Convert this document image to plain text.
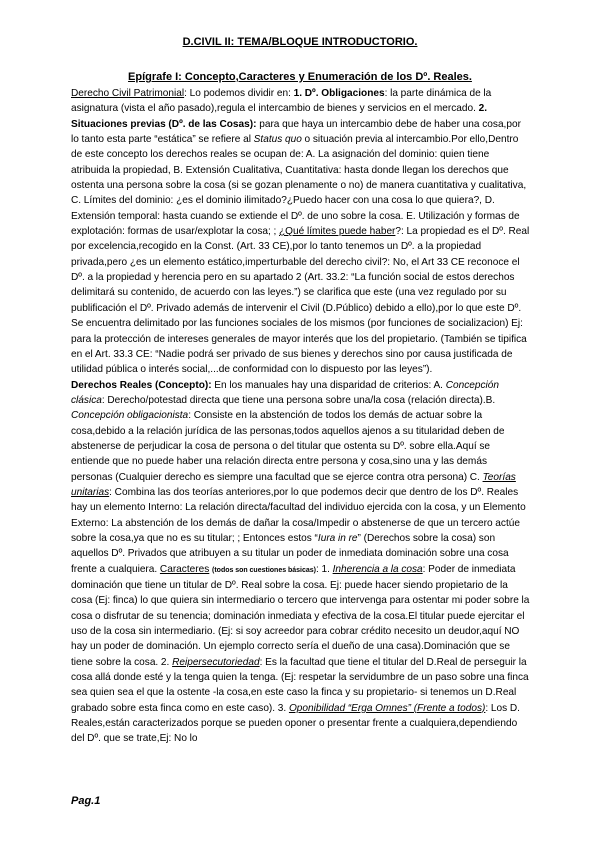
D.CIVIL II: TEMA/BLOQUE INTRODUCTORIO.

Epígrafe I: Concepto,Caracteres y Enumeración de los Dº. Reales.

Derecho Civil Patrimonial: Lo podemos dividir en: 1. Dº. Obligaciones: la parte dinámica de la asignatura (vista el año pasado),regula el intercambio de bienes y servicios en el mercado. 2. Situaciones previas (Dº. de las Cosas): para que haya un intercambio debe de haber una cosa,por lo tanto esta parte “estática” se refiere al Status quo o situación previa al intercambio.Por ello,Dentro de este concepto los derechos reales se ocupan de: A. La asignación del dominio: quien tiene atribuida la propiedad, B. Extensión Cualitativa, Cuantitativa: hasta donde llegan los derechos que ostenta una persona sobre la cosa (si se gozan plenamente o no) de manera cuantitativa y cualitativa, C. Límites del dominio: ¿es el dominio ilimitado?¿Puedo hacer con una cosa lo que quiera?, D. Extensión temporal: hasta cuando se extiende el Dº. de uno sobre la cosa. E. Utilización y formas de explotación: formas de usar/explotar la cosa; ; ¿Qué límites puede haber?: La propiedad es el Dº. Real por excelencia,recogido en la Const. (Art. 33 CE),por lo tanto tenemos un Dº. a la propiedad privada,pero ¿es un elemento estático,imperturbable del derecho civil?: No, el Art 33 CE reconoce el Dº. a la propiedad y herencia pero en su apartado 2 (Art. 33.2: “La función social de estos derechos delimitará su contenido, de acuerdo con las leyes.”) se clarifica que este (una vez regulado por su publificación el Dº. Privado además de intervenir el Civil (D.Público) debido a ello),por lo que este Dº. Se encuentra delimitado por las funciones sociales de los mismos (por funciones de socializacion) Ej: para la protección de intereses generales de mayor interés que los del propietario. (También se tipifica en el Art. 33.3 CE: “Nadie podrá ser privado de sus bienes y derechos sino por causa justificada de utilidad pública o interés social,...de conformidad con lo dispuesto por las leyes”).
Derechos Reales (Concepto): En los manuales hay una disparidad de criterios: A. Concepción clásica: Derecho/potestad directa que tiene una persona sobre una/la cosa (relación directa).B. Concepción obligacionista: Consiste en la abstención de todos los demás de actuar sobre la cosa,debido a la relación jurídica de las personas,todos aquellos ajenos a su titularidad deben de abstenerse de perjudicar la cosa de persona o del titular que ostenta su Dº. sobre ella.Aquí se entiende que no puede haber una relación directa entre persona y cosa,sino una y las demás personas (Cualquier derecho es siempre una facultad que se ejerce contra otra persona) C. Teorías unitarias: Combina las dos teorías anteriores,por lo que podemos decir que dentro de los Dº. Reales hay un elemento Interno: La relación directa/facultad del individuo ejercida con la cosa, y un Elemento Externo: La abstención de los demás de dañar la cosa/Impedir o abstenerse de que un tercero actúe sobre la cosa,ya que no es su titular; ; Entonces estos “Iura in re” (Derechos sobre la cosa) son aquellos Dº. Privados que atribuyen a su titular un poder de inmediata dominación sobre una cosa frente a cualquiera. Caracteres (todos son cuestiones básicas): 1. Inherencia a la cosa: Poder de inmediata dominación que tiene un titular de Dº. Real sobre la cosa. Ej: puede hacer siendo propietario de la cosa (Ej: finca) lo que quiera sin intermediario o tercero que intervenga para ostentar mi poder sobre la cosa o disfrutar de su tenencia; dominación inmediata y efectiva de la cosa.El titular puede ejercitar el uso de la cosa sin intermediario. (Ej: si soy acreedor para cobrar crédito necesito un deudor,aquí NO hay un poder de dominación. Un ejemplo correcto sería el dueño de una casa).Dominación que se tiene sobre la cosa. 2. Reipersecutoriedad: Es la facultad que tiene el titular del D.Real de perseguir la cosa allá donde esté y la tenga quien la tenga. (Ej: respetar la servidumbre de un paso sobre una finca sea quien sea el que la ostente -la cosa,en este caso la finca y su propietario- si tenemos un D.Real grabado sobre esta finca como en este caso). 3. Oponibilidad “Erga Omnes” (Frente a todos): Los D. Reales,están caracterizados porque se pueden oponer o presentar frente a cualquiera,dependiendo del Dº. que se trate,Ej: No lo

Pag.1
